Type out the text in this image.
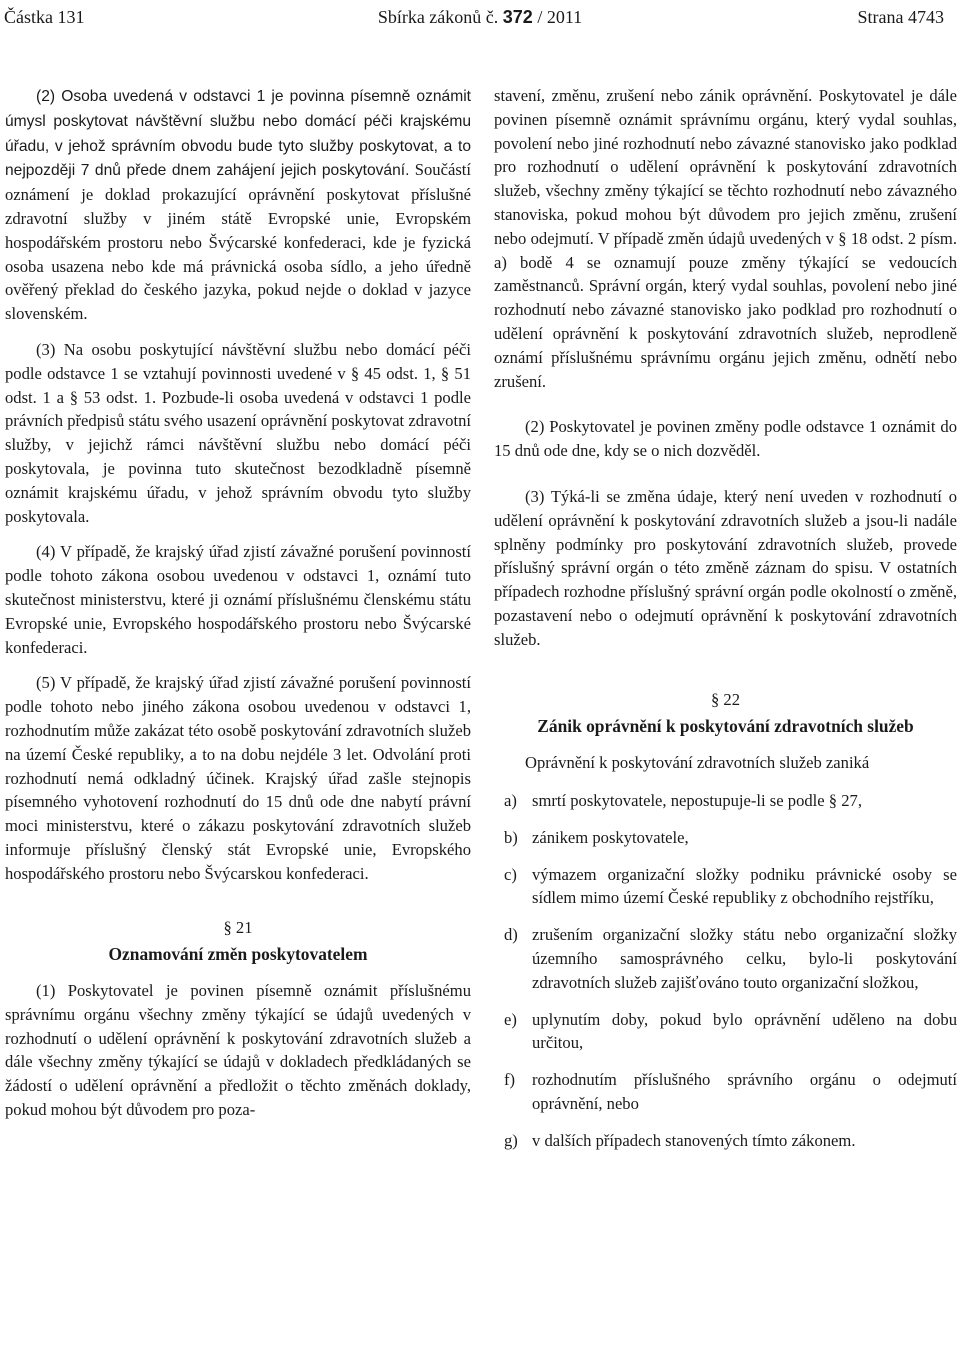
Částka 131	Sbírka zákonů č. 372 / 2011	Strana 4743

(2) Osoba uvedená v odstavci 1 je povinna písemně oznámit úmysl poskytovat návštěvní službu nebo domácí péči krajskému úřadu, v jehož správním obvodu bude tyto služby poskytovat, a to nejpozději 7 dnů přede dnem zahájení jejich poskytování. Součástí oznámení je doklad prokazující oprávnění poskytovat příslušné zdravotní služby v jiném státě Evropské unie, Evropském hospodářském prostoru nebo Švýcarské konfederaci, kde je fyzická osoba usazena nebo kde má právnická osoba sídlo, a jeho úředně ověřený překlad do českého jazyka, pokud nejde o doklad v jazyce slovenském.

(3) Na osobu poskytující návštěvní službu nebo domácí péči podle odstavce 1 se vztahují povinnosti uvedené v § 45 odst. 1, § 51 odst. 1 a § 53 odst. 1. Pozbude-li osoba uvedená v odstavci 1 podle právních předpisů státu svého usazení oprávnění poskytovat zdravotní služby, v jejichž rámci návštěvní službu nebo domácí péči poskytovala, je povinna tuto skutečnost bezodkladně písemně oznámit krajskému úřadu, v jehož správním obvodu tyto služby poskytovala.

(4) V případě, že krajský úřad zjistí závažné porušení povinností podle tohoto zákona osobou uvedenou v odstavci 1, oznámí tuto skutečnost ministerstvu, které ji oznámí příslušnému členskému státu Evropské unie, Evropského hospodářského prostoru nebo Švýcarské konfederaci.

(5) V případě, že krajský úřad zjistí závažné porušení povinností podle tohoto nebo jiného zákona osobou uvedenou v odstavci 1, rozhodnutím může zakázat této osobě poskytování zdravotních služeb na území České republiky, a to na dobu nejdéle 3 let. Odvolání proti rozhodnutí nemá odkladný účinek. Krajský úřad zašle stejnopis písemného vyhotovení rozhodnutí do 15 dnů ode dne nabytí právní moci ministerstvu, které o zákazu poskytování zdravotních služeb informuje příslušný členský stát Evropské unie, Evropského hospodářského prostoru nebo Švýcarskou konfederaci.

§ 21

Oznamování změn poskytovatelem

(1) Poskytovatel je povinen písemně oznámit příslušnému správnímu orgánu všechny změny týkající se údajů uvedených v rozhodnutí o udělení oprávnění k poskytování zdravotních služeb a dále všechny změny týkající se údajů v dokladech předkládaných se žádostí o udělení oprávnění a předložit o těchto změnách doklady, pokud mohou být důvodem pro poza-

stavení, změnu, zrušení nebo zánik oprávnění. Poskytovatel je dále povinen písemně oznámit správnímu orgánu, který vydal souhlas, povolení nebo jiné rozhodnutí nebo závazné stanovisko jako podklad pro rozhodnutí o udělení oprávnění k poskytování zdravotních služeb, všechny změny týkající se těchto rozhodnutí nebo závazného stanoviska, pokud mohou být důvodem pro jejich změnu, zrušení nebo odejmutí. V případě změn údajů uvedených v § 18 odst. 2 písm. a) bodě 4 se oznamují pouze změny týkající se vedoucích zaměstnanců. Správní orgán, který vydal souhlas, povolení nebo jiné rozhodnutí nebo závazné stanovisko jako podklad pro rozhodnutí o udělení oprávnění k poskytování zdravotních služeb, neprodleně oznámí příslušnému správnímu orgánu jejich změnu, odnětí nebo zrušení.

(2) Poskytovatel je povinen změny podle odstavce 1 oznámit do 15 dnů ode dne, kdy se o nich dozvěděl.

(3) Týká-li se změna údaje, který není uveden v rozhodnutí o udělení oprávnění k poskytování zdravotních služeb a jsou-li nadále splněny podmínky pro poskytování zdravotních služeb, provede příslušný správní orgán o této změně záznam do spisu. V ostatních případech rozhodne příslušný správní orgán podle okolností o změně, pozastavení nebo o odejmutí oprávnění k poskytování zdravotních služeb.

§ 22

Zánik oprávnění k poskytování zdravotních služeb

Oprávnění k poskytování zdravotních služeb zaniká

a) smrtí poskytovatele, nepostupuje-li se podle § 27,
b) zánikem poskytovatele,
c) výmazem organizační složky podniku právnické osoby se sídlem mimo území České republiky z obchodního rejstříku,
d) zrušením organizační složky státu nebo organizační složky územního samosprávného celku, bylo-li poskytování zdravotních služeb zajišťováno touto organizační složkou,
e) uplynutím doby, pokud bylo oprávnění uděleno na dobu určitou,
f) rozhodnutím příslušného správního orgánu o odejmutí oprávnění, nebo
g) v dalších případech stanovených tímto zákonem.
